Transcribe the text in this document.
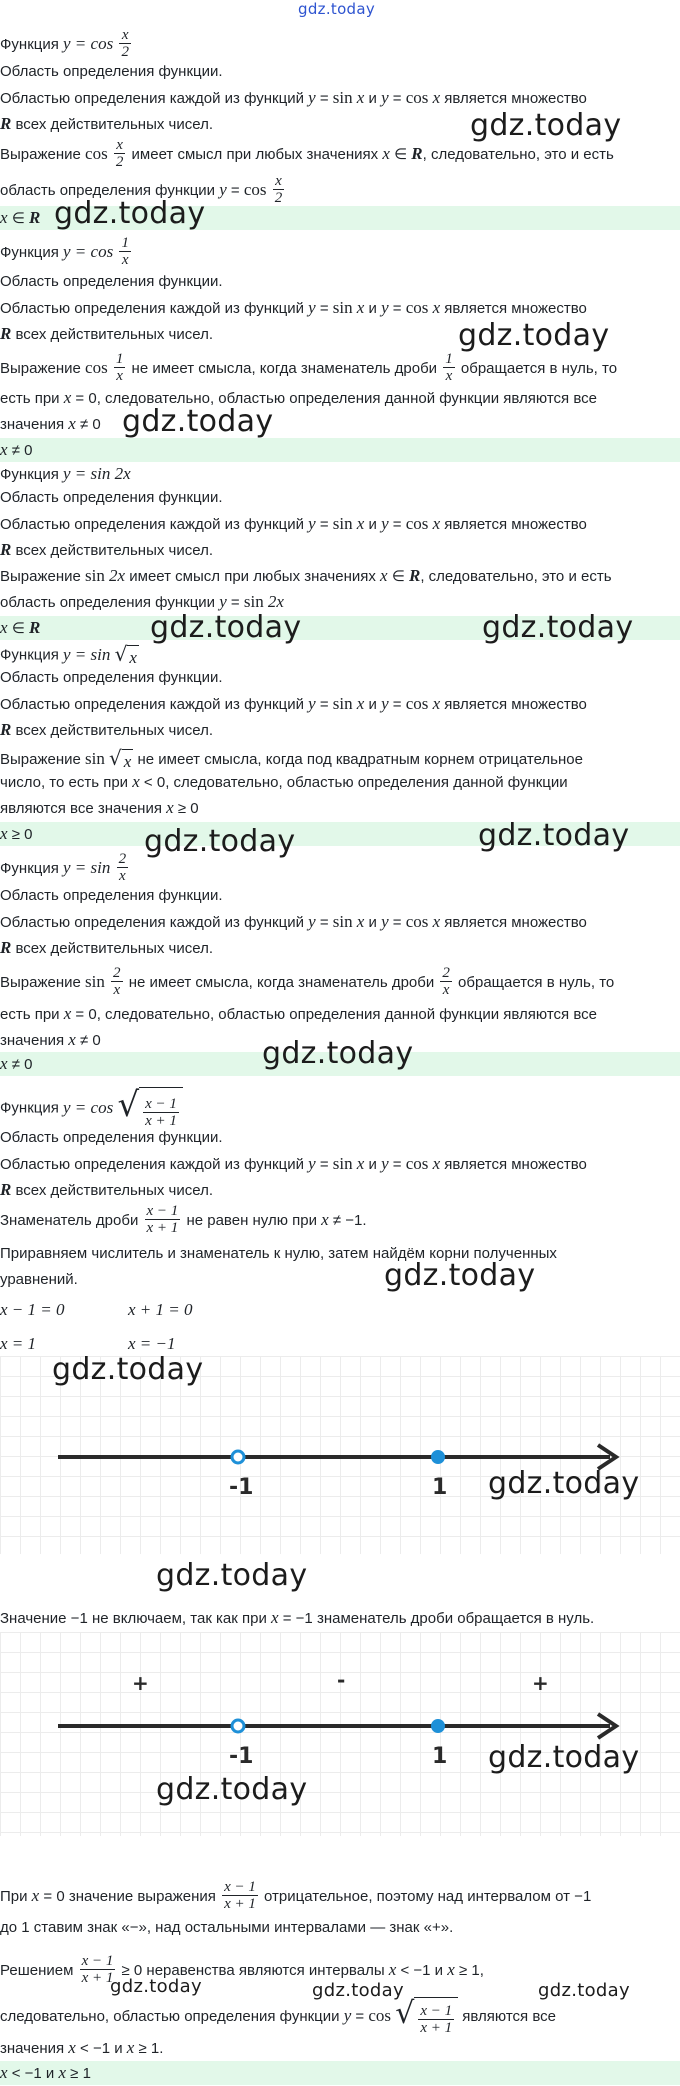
gdz.today
Функция $y = \cos \frac{x}{2}$
Область определения функции.
Областью определения каждой из функций y = sin x и y = cos x является множество
R всех действительных чисел.
Выражение $\cos \frac{x}{2}$ имеет смысл при любых значениях x ∈ R, следовательно, это и есть
область определения функции $y = \cos \frac{x}{2}$
x ∈ R
gdz.today
gdz.today
Функция $y = \cos \frac{1}{x}$
Область определения функции.
Областью определения каждой из функций y = sin x и y = cos x является множество
R всех действительных чисел.
Выражение $\cos \frac{1}{x}$ не имеет смысла, когда знаменатель дроби $\frac{1}{x}$ обращается в нуль, то
есть при x = 0, следовательно, областью определения данной функции являются все
значения x ≠ 0
x ≠ 0
gdz.today
gdz.today
Функция y = sin 2x
Область определения функции.
Областью определения каждой из функций y = sin x и y = cos x является множество
R всех действительных чисел.
Выражение sin 2x имеет смысл при любых значениях x ∈ R, следовательно, это и есть
область определения функции y = sin 2x
x ∈ R	gdz.today	gdz.today
Функция y = sin √ x
Область определения функции.
Областью определения каждой из функций y = sin x и y = cos x является множество
R всех действительных чисел.
Выражение sin √ x не имеет смысла, когда под квадратным корнем отрицательное
число, то есть при x < 0, следовательно, областью определения данной функции
являются все значения x ≥ 0
x ≥ 0	gdz.today	gdz.today
Функция $y = \sin \frac{2}{x}$
Область определения функции.
Областью определения каждой из функций y = sin x и y = cos x является множество
R всех действительных чисел.
Выражение $\sin \frac{2}{x}$ не имеет смысла, когда знаменатель дроби $\frac{2}{x}$ обращается в нуль, то
есть при x = 0, следовательно, областью определения данной функции являются все
значения x ≠ 0
x ≠ 0	gdz.today
Функция y = cos √ $\frac{x - 1}{x + 1}$
Область определения функции.
Областью определения каждой из функций y = sin x и y = cos x является множество
R всех действительных чисел.
Знаменатель дроби $\frac{x - 1}{x + 1}$ не равен нулю при x ≠ −1.
Приравняем числитель и знаменатель к нулю, затем найдём корни полученных
уравнений.	gdz.today
x − 1 = 0	x + 1 = 0
x = 1	x = −1
-1	1
gdz.today
gdz.today
gdz.today
Значение −1 не включаем, так как при x = −1 знаменатель дроби обращается в нуль.
-1	1
+	-	+
gdz.today
gdz.today
При x = 0 значение выражения $\frac{x - 1}{x + 1}$ отрицательное, поэтому над интервалом от −1
до 1 ставим знак «−», над остальными интервалами — знак «+».
Решением $\frac{x - 1}{x + 1} \ge 0$ неравенства являются интервалы x < −1 и x ≥ 1,
следовательно, областью определения функции y = cos √ $\frac{x - 1}{x + 1}$ являются все
значения x < −1 и x ≥ 1.
x < −1 и x ≥ 1
gdz.today	gdz.today	gdz.today
